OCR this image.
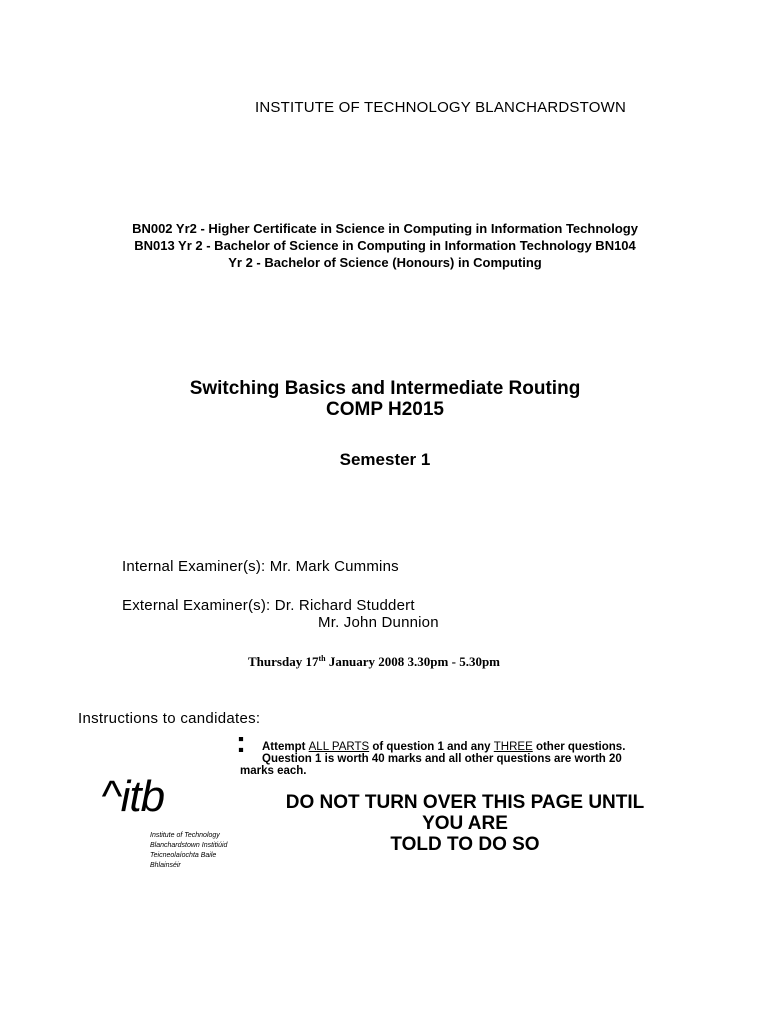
INSTITUTE OF TECHNOLOGY BLANCHARDSTOWN
BN002 Yr2 - Higher Certificate in Science in Computing in Information Technology
BN013 Yr 2 - Bachelor of Science in Computing in Information Technology BN104
Yr 2 - Bachelor of Science (Honours) in Computing
Switching Basics and Intermediate Routing
COMP H2015
Semester 1
Internal Examiner(s): Mr. Mark Cummins
External Examiner(s): Dr. Richard Studdert
Mr. John Dunnion
Thursday 17th January 2008 3.30pm - 5.30pm
Instructions to candidates:
:	Attempt ALL PARTS of question 1 and any THREE other questions.
Question 1 is worth 40 marks and all other questions are worth 20
marks each.
DO NOT TURN OVER THIS PAGE UNTIL
YOU ARE
TOLD TO DO SO
^itb
Institute of Technology
Blanchardstown Institiúid
Teicneolaíochta Baile
Bhlainséir
